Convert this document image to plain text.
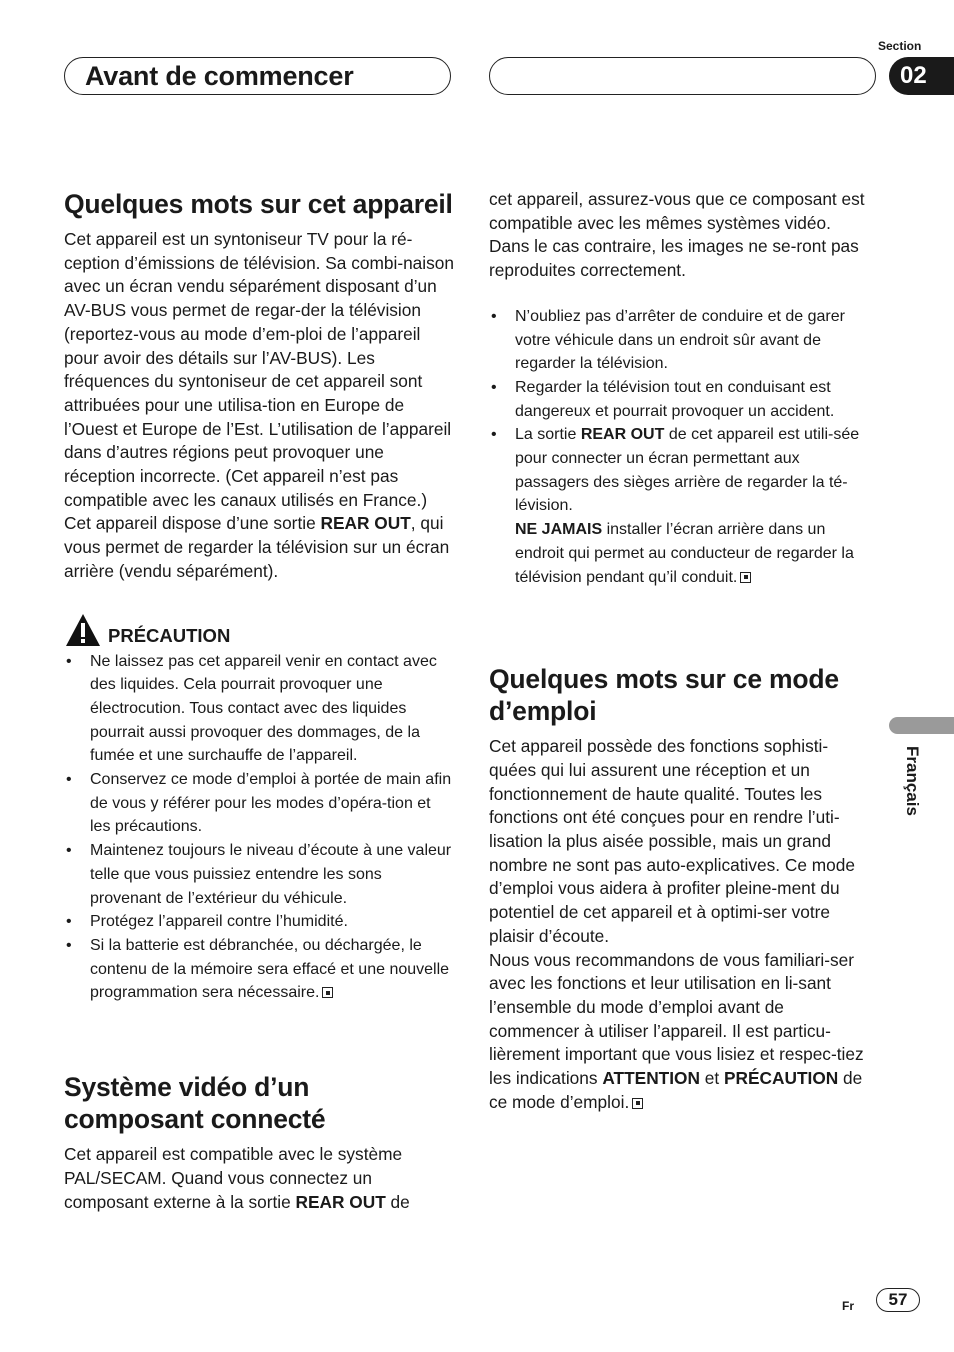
Avant de commencer
Section
02
Quelques mots sur cet appareil

Cet appareil est un syntoniseur TV pour la ré-ception d’émissions de télévision. Sa combi-naison avec un écran vendu séparément disposant d’un AV-BUS vous permet de regar-der la télévision (reportez-vous au mode d’em-ploi de l’appareil pour avoir des détails sur l’AV-BUS). Les fréquences du syntoniseur de cet appareil sont attribuées pour une utilisa-tion en Europe de l’Ouest et Europe de l’Est. L’utilisation de l’appareil dans d’autres régions peut provoquer une réception incorrecte. (Cet appareil n’est pas compatible avec les canaux utilisés en France.)

Cet appareil dispose d’une sortie REAR OUT, qui vous permet de regarder la télévision sur un écran arrière (vendu séparément).

PRÉCAUTION
• Ne laissez pas cet appareil venir en contact avec des liquides. Cela pourrait provoquer une électrocution. Tous contact avec des liquides pourrait aussi provoquer des dommages, de la fumée et une surchauffe de l’appareil.
• Conservez ce mode d’emploi à portée de main afin de vous y référer pour les modes d’opéra-tion et les précautions.
• Maintenez toujours le niveau d’écoute à une valeur telle que vous puissiez entendre les sons provenant de l’extérieur du véhicule.
• Protégez l’appareil contre l’humidité.
• Si la batterie est débranchée, ou déchargée, le contenu de la mémoire sera effacé et une nouvelle programmation sera nécessaire.
Système vidéo d’un composant connecté

Cet appareil est compatible avec le système PAL/SECAM. Quand vous connectez un composant externe à la sortie REAR OUT de

cet appareil, assurez-vous que ce composant est compatible avec les mêmes systèmes vidéo. Dans le cas contraire, les images ne se-ront pas reproduites correctement.

• N’oubliez pas d’arrêter de conduire et de garer votre véhicule dans un endroit sûr avant de regarder la télévision.
• Regarder la télévision tout en conduisant est dangereux et pourrait provoquer un accident.
• La sortie REAR OUT de cet appareil est utili-sée pour connecter un écran permettant aux passagers des sièges arrière de regarder la té-lévision.
NE JAMAIS installer l’écran arrière dans un endroit qui permet au conducteur de regarder la télévision pendant qu’il conduit.
Quelques mots sur ce mode d’emploi

Cet appareil possède des fonctions sophisti-quées qui lui assurent une réception et un fonctionnement de haute qualité. Toutes les fonctions ont été conçues pour en rendre l’uti-lisation la plus aisée possible, mais un grand nombre ne sont pas auto-explicatives. Ce mode d’emploi vous aidera à profiter pleine-ment du potentiel de cet appareil et à optimi-ser votre plaisir d’écoute.

Nous vous recommandons de vous familiari-ser avec les fonctions et leur utilisation en li-sant l’ensemble du mode d’emploi avant de commencer à utiliser l’appareil. Il est particu-lièrement important que vous lisiez et respec-tiez les indications ATTENTION et PRÉCAUTION de ce mode d’emploi.

Français
Fr	57
